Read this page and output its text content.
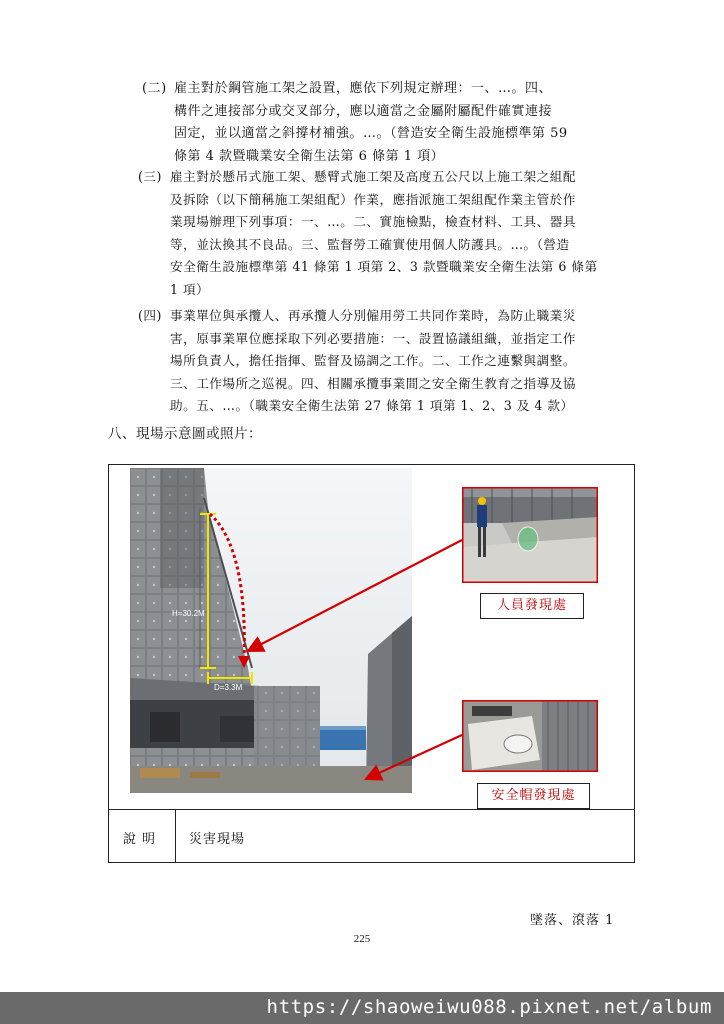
(二) 雇主對於鋼管施工架之設置，應依下列規定辦理：一、…。四、
構件之連接部分或交叉部分，應以適當之金屬附屬配件確實連接
固定，並以適當之斜撐材補強。…。（營造安全衛生設施標準第 59
條第 4 款暨職業安全衛生法第 6 條第 1 項）
(三) 雇主對於懸吊式施工架、懸臂式施工架及高度五公尺以上施工架之組配
及拆除（以下簡稱施工架組配）作業，應指派施工架組配作業主管於作
業現場辦理下列事項：一、…。二、實施檢點，檢查材料、工具、器具
等，並汰換其不良品。三、監督勞工確實使用個人防護具。…。（營造
安全衛生設施標準第 41 條第 1 項第 2、3 款暨職業安全衛生法第 6 條第
1 項）
(四) 事業單位與承攬人、再承攬人分別僱用勞工共同作業時，為防止職業災
害，原事業單位應採取下列必要措施：一、設置協議組織，並指定工作
場所負責人，擔任指揮、監督及協調之工作。二、工作之連繫與調整。
三、工作場所之巡視。四、相關承攬事業間之安全衛生教育之指導及協
助。五、…。（職業安全衛生法第 27 條第 1 項第 1、2、3 及 4 款）
八、現場示意圖或照片：
H=30.2M
D=3.3M
人員發現處
安全帽發現處
說明	災害現場
墜落、滾落 1
225
https://shaoweiwu088.pixnet.net/album
